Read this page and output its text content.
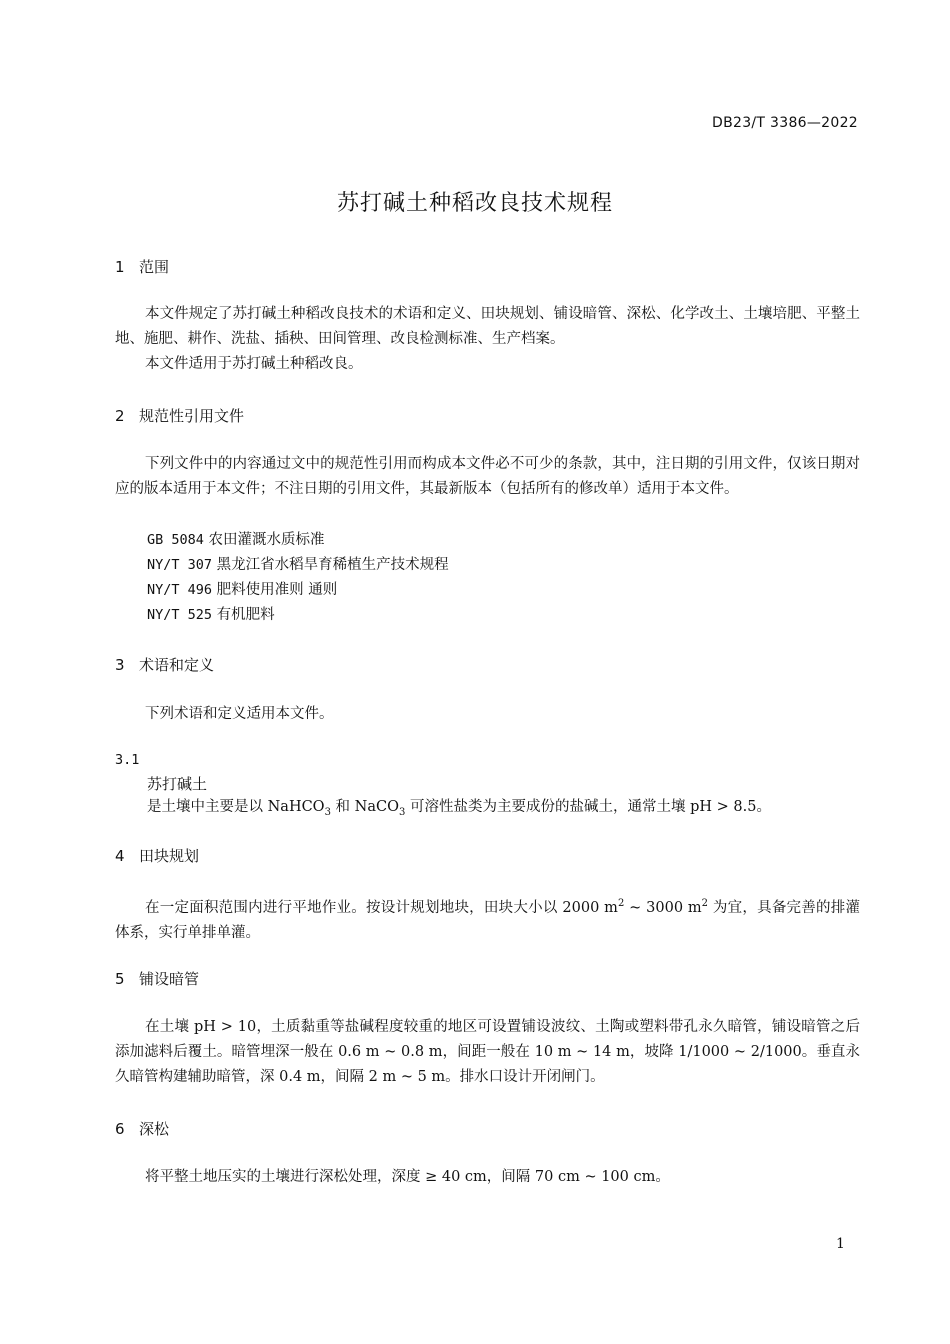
DB23/T 3386—2022
苏打碱土种稻改良技术规程
1 范围

本文件规定了苏打碱土种稻改良技术的术语和定义、田块规划、铺设暗管、深松、化学改土、土壤培肥、平整土地、施肥、耕作、洗盐、插秧、田间管理、改良检测标准、生产档案。

本文件适用于苏打碱土种稻改良。

2 规范性引用文件

下列文件中的内容通过文中的规范性引用而构成本文件必不可少的条款，其中，注日期的引用文件，仅该日期对应的版本适用于本文件；不注日期的引用文件，其最新版本（包括所有的修改单）适用于本文件。

GB 5084 农田灌溉水质标准
NY/T 307 黑龙江省水稻旱育稀植生产技术规程
NY/T 496 肥料使用准则 通则
NY/T 525 有机肥料
3 术语和定义

下列术语和定义适用本文件。

3.1
苏打碱土
是土壤中主要是以 NaHCO$_3$ 和 NaCO$_3$ 可溶性盐类为主要成份的盐碱土，通常土壤 pH > 8.5。
4 田块规划

在一定面积范围内进行平地作业。按设计规划地块，田块大小以 2000 $m^2$ ~ 3000 $m^2$ 为宜，具备完善的排灌体系，实行单排单灌。

5 铺设暗管

在土壤 pH > 10，土质黏重等盐碱程度较重的地区可设置铺设波纹、土陶或塑料带孔永久暗管，铺设暗管之后添加滤料后覆土。暗管埋深一般在 0.6 m ~ 0.8 m，间距一般在 10 m ~ 14 m，坡降 1/1000 ~ 2/1000。垂直永久暗管构建辅助暗管，深 0.4 m，间隔 2 m ~ 5 m。排水口设计开闭闸门。

6 深松

将平整土地压实的土壤进行深松处理，深度 ≥ 40 cm，间隔 70 cm ~ 100 cm。

1
